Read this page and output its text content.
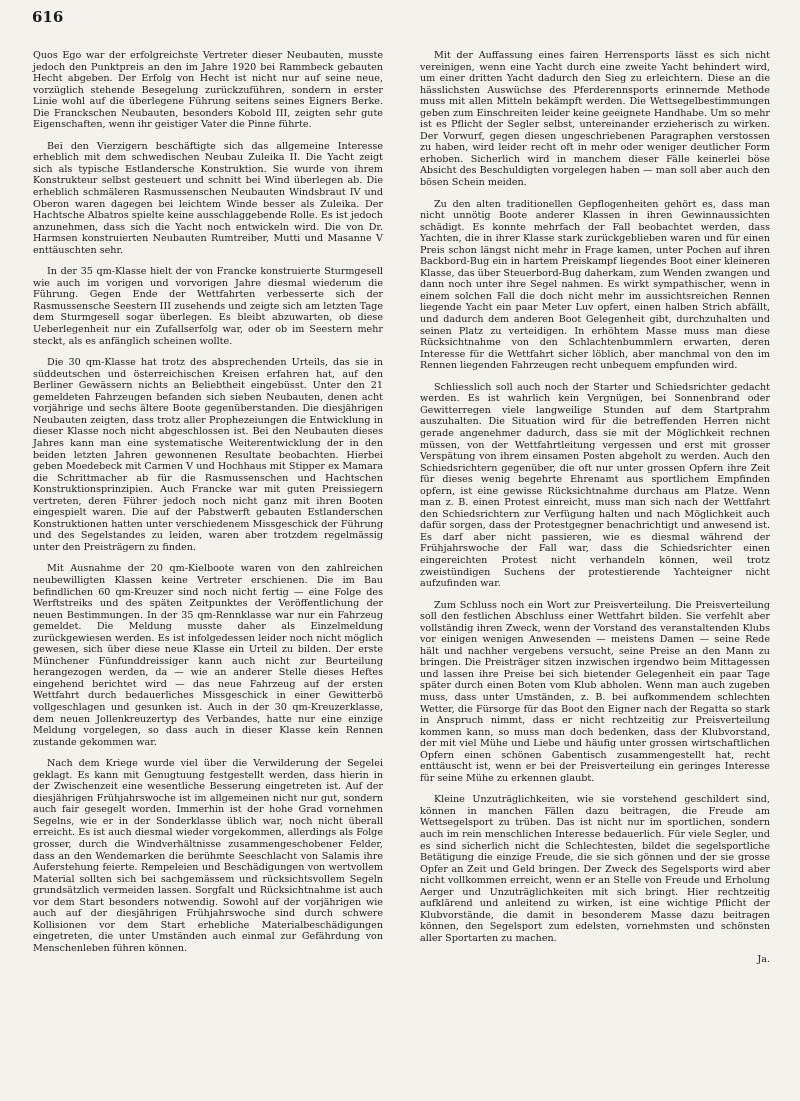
616

Quos Ego war der erfolgreichste Vertreter dieser Neubauten, musste jedoch den Punktpreis an den im Jahre 1920 bei Rammbeck gebauten Hecht abgeben. Der Erfolg von Hecht ist nicht nur auf seine neue, vorzüglich stehende Besegelung zurückzuführen, sondern in erster Linie wohl auf die überlegene Führung seitens seines Eigners Berke. Die Franckschen Neubauten, besonders Kobold III, zeigten sehr gute Eigenschaften, wenn ihr geistiger Vater die Pinne führte.

Bei den Vierzigern beschäftigte sich das allgemeine Interesse erheblich mit dem schwedischen Neubau Zuleika II. Die Yacht zeigt sich als typische Estlandersche Konstruktion. Sie wurde von ihrem Konstrukteur selbst gesteuert und schnitt bei Wind überlegen ab. Die erheblich schmäleren Rasmussenschen Neubauten Windsbraut IV und Oberon waren dagegen bei leichtem Winde besser als Zuleika. Der Hachtsche Albatros spielte keine ausschlaggebende Rolle. Es ist jedoch anzunehmen, dass sich die Yacht noch entwickeln wird. Die von Dr. Harmsen konstruierten Neubauten Rumtreiber, Mutti und Masanne V enttäuschten sehr.

In der 35 qm-Klasse hielt der von Francke konstruierte Sturmgesell wie auch im vorigen und vorvorigen Jahre diesmal wiederum die Führung. Gegen Ende der Wettfahrten verbesserte sich der Rasmussensche Seestern III zusehends und zeigte sich am letzten Tage dem Sturmgesell sogar überlegen. Es bleibt abzuwarten, ob diese Ueberlegenheit nur ein Zufallserfolg war, oder ob im Seestern mehr steckt, als es anfänglich scheinen wollte.

Die 30 qm-Klasse hat trotz des absprechenden Urteils, das sie in süddeutschen und österreichischen Kreisen erfahren hat, auf den Berliner Gewässern nichts an Beliebtheit eingebüsst. Unter den 21 gemeldeten Fahrzeugen befanden sich sieben Neubauten, denen acht vorjährige und sechs ältere Boote gegenüberstanden. Die diesjährigen Neubauten zeigten, dass trotz aller Prophezeiungen die Entwicklung in dieser Klasse noch nicht abgeschlossen ist. Bei den Neubauten dieses Jahres kann man eine systematische Weiterentwicklung der in den beiden letzten Jahren gewonnenen Resultate beobachten. Hierbei geben Moedebeck mit Carmen V und Hochhaus mit Stipper ex Mamara die Schrittmacher ab für die Rasmussenschen und Hachtschen Konstruktionsprinzipien. Auch Francke war mit guten Preissiegern vertreten, deren Führer jedoch noch nicht ganz mit ihren Booten eingespielt waren. Die auf der Pabstwerft gebauten Estlanderschen Konstruktionen hatten unter verschiedenem Missgeschick der Führung und des Segelstandes zu leiden, waren aber trotzdem regelmässig unter den Preisträgern zu finden.

Mit Ausnahme der 20 qm-Kielboote waren von den zahlreichen neubewilligten Klassen keine Vertreter erschienen. Die im Bau befindlichen 60 qm-Kreuzer sind noch nicht fertig — eine Folge des Werftstreiks und des späten Zeitpunktes der Veröffentlichung der neuen Bestimmungen. In der 35 qm-Rennklasse war nur ein Fahrzeug gemeldet. Die Meldung musste daher als Einzelmeldung zurückgewiesen werden. Es ist infolgedessen leider noch nicht möglich gewesen, sich über diese neue Klasse ein Urteil zu bilden. Der erste Münchener Fünfunddreissiger kann auch nicht zur Beurteilung herangezogen werden, da — wie an anderer Stelle dieses Heftes eingehend berichtet wird — das neue Fahrzeug auf der ersten Wettfahrt durch bedauerliches Missgeschick in einer Gewitterbö vollgeschlagen und gesunken ist. Auch in der 30 qm-Kreuzerklasse, dem neuen Jollenkreuzertyp des Verbandes, hatte nur eine einzige Meldung vorgelegen, so dass auch in dieser Klasse kein Rennen zustande gekommen war.

Nach dem Kriege wurde viel über die Verwilderung der Segelei geklagt. Es kann mit Genugtuung festgestellt werden, dass hierin in der Zwischenzeit eine wesentliche Besserung eingetreten ist. Auf der diesjährigen Frühjahrswoche ist im allgemeinen nicht nur gut, sondern auch fair gesegelt worden. Immerhin ist der hohe Grad vornehmen Segelns, wie er in der Sonderklasse üblich war, noch nicht überall erreicht. Es ist auch diesmal wieder vorgekommen, allerdings als Folge grosser, durch die Windverhältnisse zusammengeschobener Felder, dass an den Wendemarken die berühmte Seeschlacht von Salamis ihre Auferstehung feierte. Rempeleien und Beschädigungen von wertvollem Material sollten sich bei sachgemässem und rücksichtsvollem Segeln grundsätzlich vermeiden lassen. Sorgfalt und Rücksichtnahme ist auch vor dem Start besonders notwendig. Sowohl auf der vorjährigen wie auch auf der diesjährigen Frühjahrswoche sind durch schwere Kollisionen vor dem Start erhebliche Materialbeschädigungen eingetreten, die unter Umständen auch einmal zur Gefährdung von Menschenleben führen können.

Mit der Auffassung eines fairen Herrensports lässt es sich nicht vereinigen, wenn eine Yacht durch eine zweite Yacht behindert wird, um einer dritten Yacht dadurch den Sieg zu erleichtern. Diese an die hässlichsten Auswüchse des Pferderennsports erinnernde Methode muss mit allen Mitteln bekämpft werden. Die Wettsegelbestimmungen geben zum Einschreiten leider keine geeignete Handhabe. Um so mehr ist es Pflicht der Segler selbst, untereinander erzieherisch zu wirken. Der Vorwurf, gegen diesen ungeschriebenen Paragraphen verstossen zu haben, wird leider recht oft in mehr oder weniger deutlicher Form erhoben. Sicherlich wird in manchem dieser Fälle keinerlei böse Absicht des Beschuldigten vorgelegen haben — man soll aber auch den bösen Schein meiden.

Zu den alten traditionellen Gepflogenheiten gehört es, dass man nicht unnötig Boote anderer Klassen in ihren Gewinnaussichten schädigt. Es konnte mehrfach der Fall beobachtet werden, dass Yachten, die in ihrer Klasse stark zurückgeblieben waren und für einen Preis schon längst nicht mehr in Frage kamen, unter Pochen auf ihren Backbord-Bug ein in hartem Preiskampf liegendes Boot einer kleineren Klasse, das über Steuerbord-Bug daherkam, zum Wenden zwangen und dann noch unter ihre Segel nahmen. Es wirkt sympathischer, wenn in einem solchen Fall die doch nicht mehr im aussichtsreichen Rennen liegende Yacht ein paar Meter Luv opfert, einen halben Strich abfällt, und dadurch dem anderen Boot Gelegenheit gibt, durchzuhalten und seinen Platz zu verteidigen. In erhöhtem Masse muss man diese Rücksichtnahme von den Schlachtenbummlern erwarten, deren Interesse für die Wettfahrt sicher löblich, aber manchmal von den im Rennen liegenden Fahrzeugen recht unbequem empfunden wird.

Schliesslich soll auch noch der Starter und Schiedsrichter gedacht werden. Es ist wahrlich kein Vergnügen, bei Sonnenbrand oder Gewitterregen viele langweilige Stunden auf dem Startprahm auszuhalten. Die Situation wird für die betreffenden Herren nicht gerade angenehmer dadurch, dass sie mit der Möglichkeit rechnen müssen, von der Wettfahrtleitung vergessen und erst mit grosser Verspätung von ihrem einsamen Posten abgeholt zu werden. Auch den Schiedsrichtern gegenüber, die oft nur unter grossen Opfern ihre Zeit für dieses wenig begehrte Ehrenamt aus sportlichem Empfinden opfern, ist eine gewisse Rücksichtnahme durchaus am Platze. Wenn man z. B. einen Protest einreicht, muss man sich nach der Wettfahrt den Schiedsrichtern zur Verfügung halten und nach Möglichkeit auch dafür sorgen, dass der Protestgegner benachrichtigt und anwesend ist. Es darf aber nicht passieren, wie es diesmal während der Frühjahrswoche der Fall war, dass die Schiedsrichter einen eingereichten Protest nicht verhandeln können, weil trotz zweistündigen Suchens der protestierende Yachteigner nicht aufzufinden war.

Zum Schluss noch ein Wort zur Preisverteilung. Die Preisverteilung soll den festlichen Abschluss einer Wettfahrt bilden. Sie verfehlt aber vollständig ihren Zweck, wenn der Vorstand des veranstaltenden Klubs vor einigen wenigen Anwesenden — meistens Damen — seine Rede hält und nachher vergebens versucht, seine Preise an den Mann zu bringen. Die Preisträger sitzen inzwischen irgendwo beim Mittagessen und lassen ihre Preise bei sich bietender Gelegenheit ein paar Tage später durch einen Boten vom Klub abholen. Wenn man auch zugeben muss, dass unter Umständen, z. B. bei aufkommendem schlechten Wetter, die Fürsorge für das Boot den Eigner nach der Regatta so stark in Anspruch nimmt, dass er nicht rechtzeitig zur Preisverteilung kommen kann, so muss man doch bedenken, dass der Klubvorstand, der mit viel Mühe und Liebe und häufig unter grossen wirtschaftlichen Opfern einen schönen Gabentisch zusammengestellt hat, recht enttäuscht ist, wenn er bei der Preisverteilung ein geringes Interesse für seine Mühe zu erkennen glaubt.

Kleine Unzuträglichkeiten, wie sie vorstehend geschildert sind, können in manchen Fällen dazu beitragen, die Freude am Wettsegelsport zu trüben. Das ist nicht nur im sportlichen, sondern auch im rein menschlichen Interesse bedauerlich. Für viele Segler, und es sind sicherlich nicht die Schlechtesten, bildet die segelsportliche Betätigung die einzige Freude, die sie sich gönnen und der sie grosse Opfer an Zeit und Geld bringen. Der Zweck des Segelsports wird aber nicht vollkommen erreicht, wenn er an Stelle von Freude und Erholung Aerger und Unzuträglichkeiten mit sich bringt. Hier rechtzeitig aufklärend und anleitend zu wirken, ist eine wichtige Pflicht der Klubvorstände, die damit in besonderem Masse dazu beitragen können, den Segelsport zum edelsten, vornehmsten und schönsten aller Sportarten zu machen.

Ja.
